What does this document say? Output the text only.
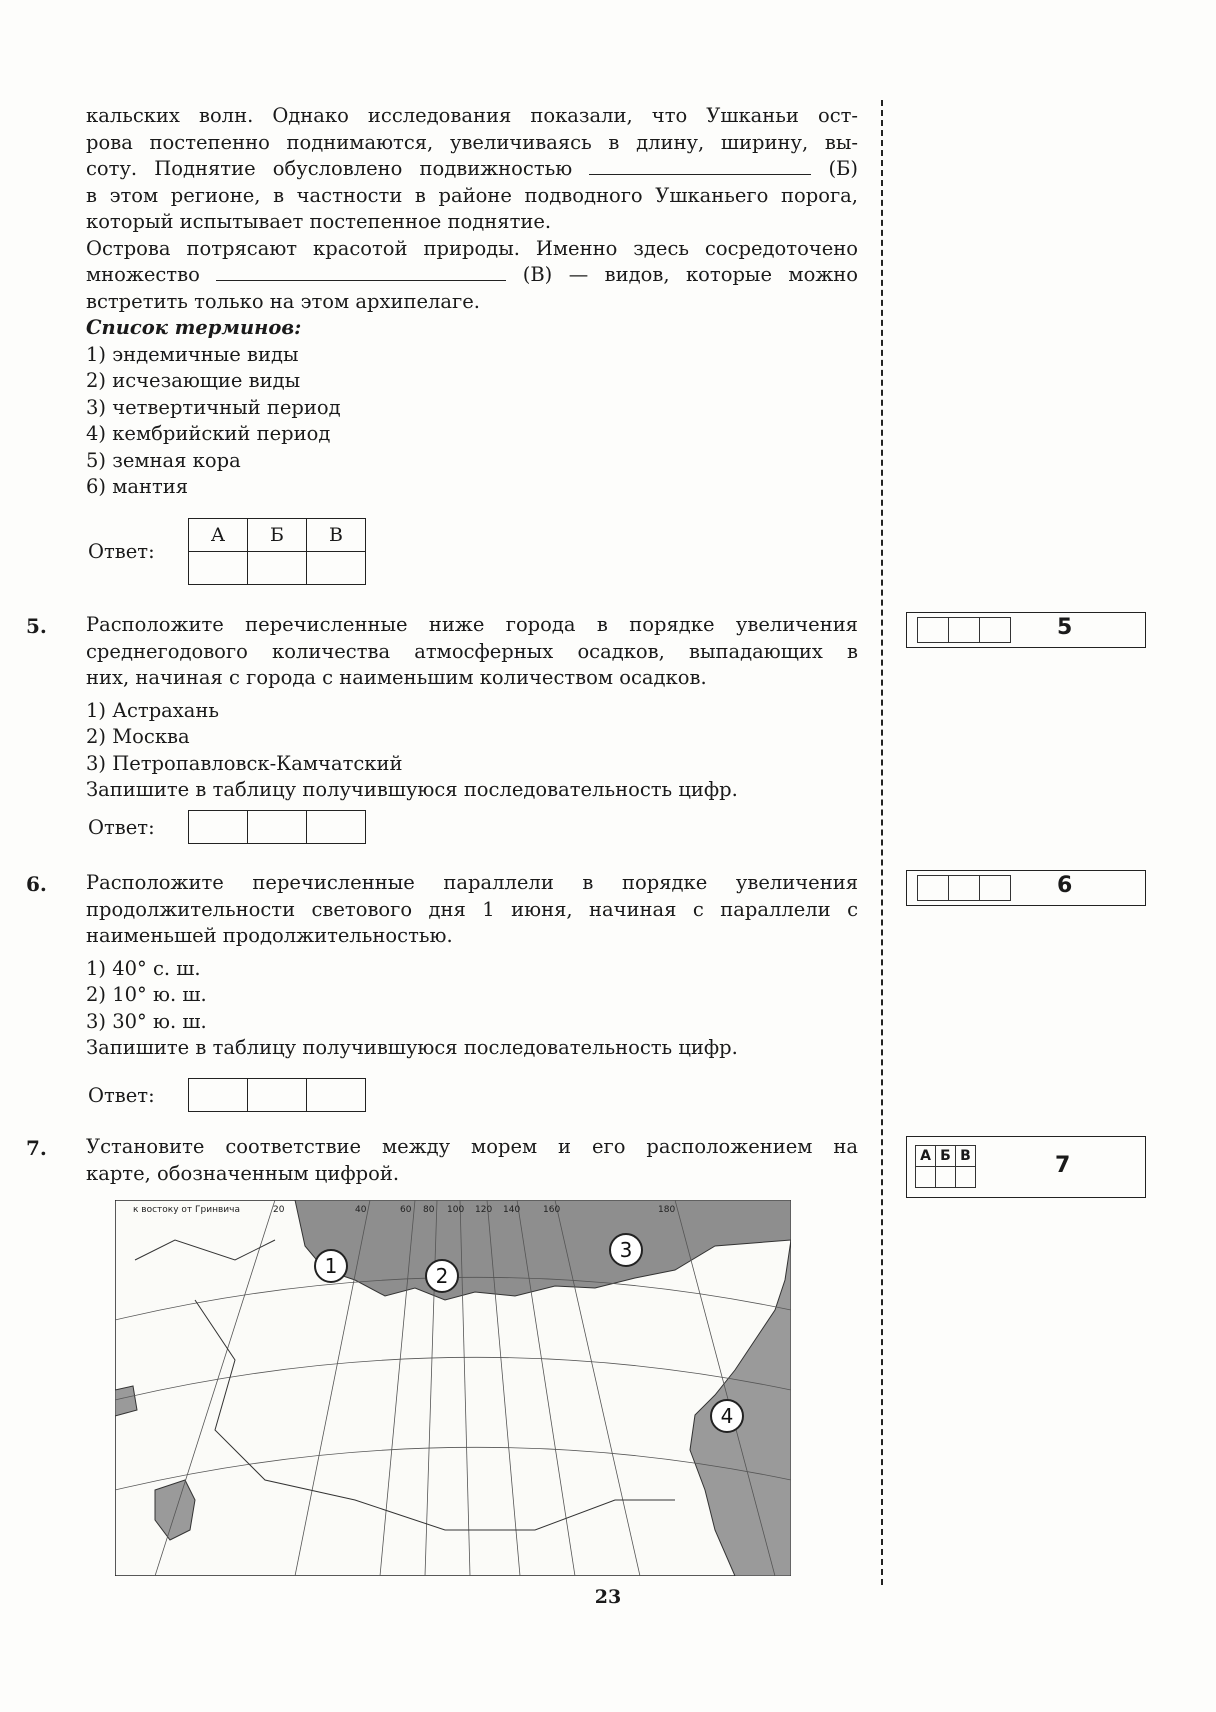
кальских волн. Однако исследования показали, что Ушканьи ост-

рова постепенно поднимаются, увеличиваясь в длину, ширину, вы-

соту. Поднятие обусловлено подвижностью	(Б)

в этом регионе, в частности в районе подводного Ушканьего порога,

который испытывает постепенное поднятие.

Острова потрясают красотой природы. Именно здесь сосредоточено

множество	(В) — видов, которые можно

встретить только на этом архипелаге.

Список терминов:

1) эндемичные виды
2) исчезающие виды
3) четвертичный период
4) кембрийский период
5) земная кора
6) мантия
Ответ:
А	Б	В

5. Расположите перечисленные ниже города в порядке увеличения

среднегодового количества атмосферных осадков, выпадающих в

них, начиная с города с наименьшим количеством осадков.

1) Астрахань
2) Москва
3) Петропавловск-Камчатский

Запишите в таблицу получившуюся последовательность цифр.

Ответ:

5
6. Расположите перечисленные параллели в порядке увеличения

продолжительности светового дня 1 июня, начиная с параллели с

наименьшей продолжительностью.

1) 40° с. ш.
2) 10° ю. ш.
3) 30° ю. ш.

Запишите в таблицу получившуюся последовательность цифр.

Ответ:

6
7. Установите соответствие между морем и его расположением на

карте, обозначенным цифрой.

А	Б	В
			7
к востоку от Гринвича	20	40	60 80 100 120 140	160	180
1	2
3
4
23
